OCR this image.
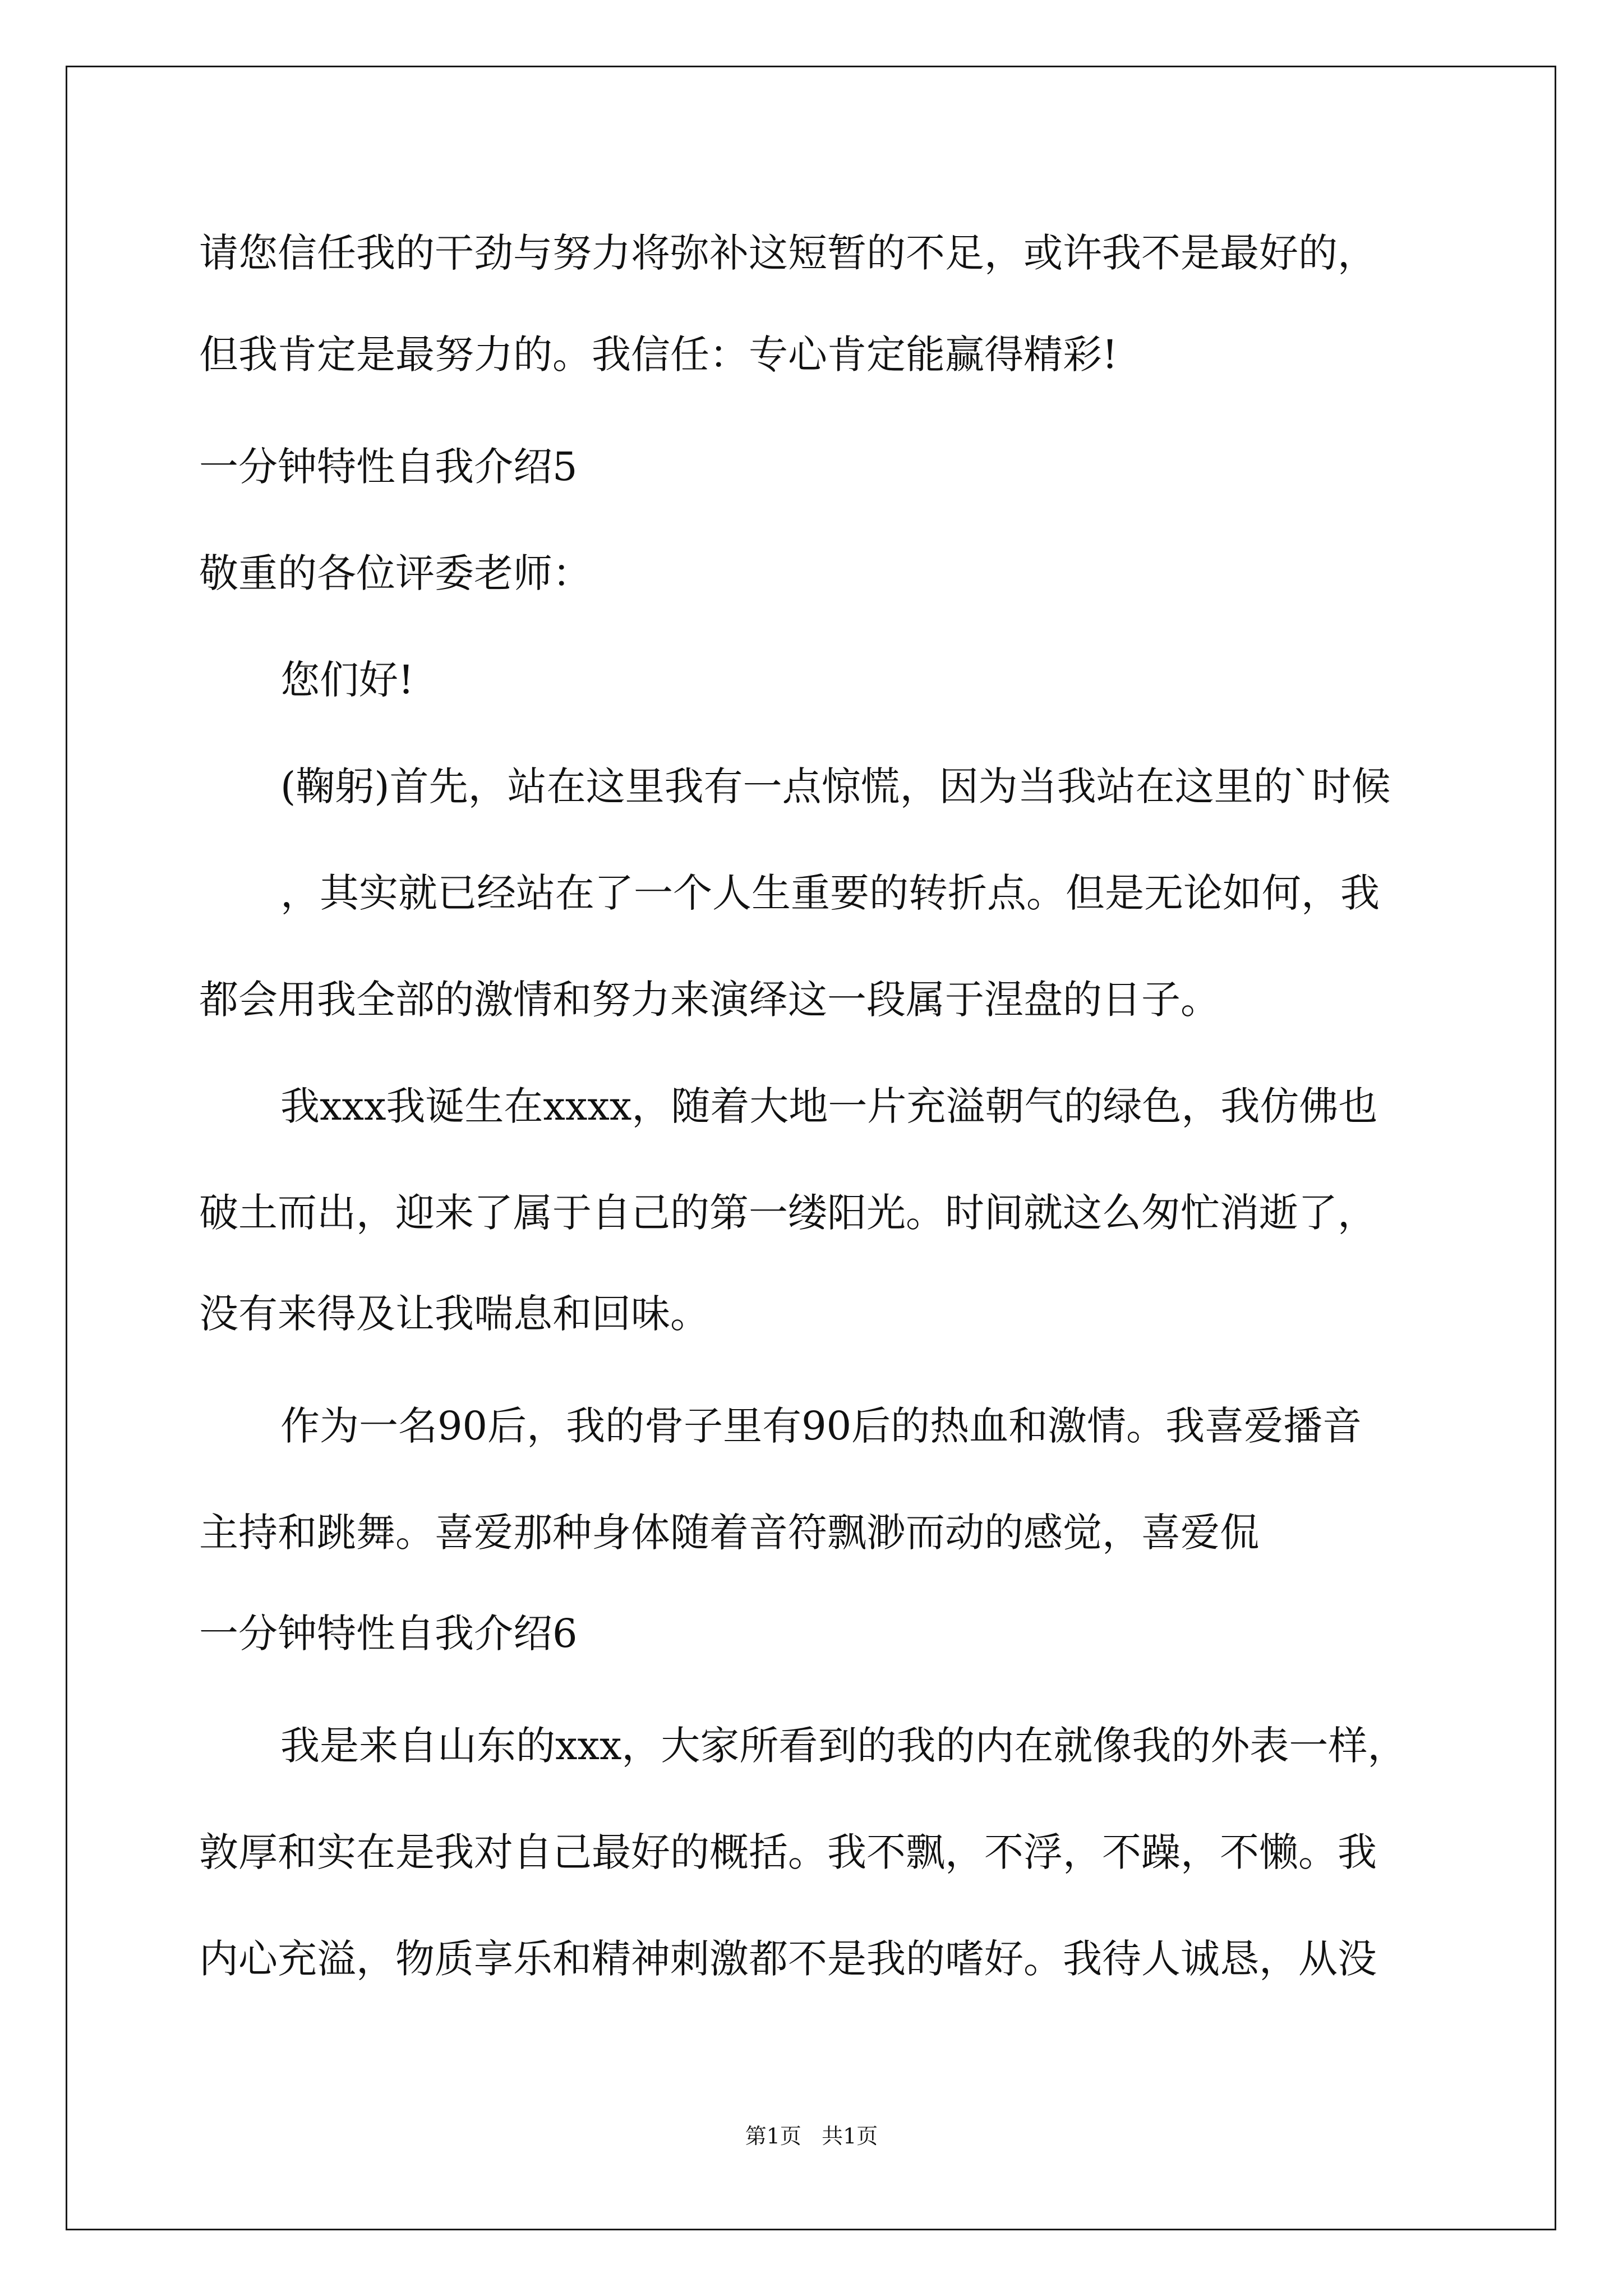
请您信任我的干劲与努力将弥补这短暂的不足，或许我不是最好的，
但我肯定是最努力的。我信任：专心肯定能赢得精彩!
一分钟特性自我介绍5
敬重的各位评委老师：
您们好!
(鞠躬)首先，站在这里我有一点惊慌，因为当我站在这里的`时候
，其实就已经站在了一个人生重要的转折点。但是无论如何，我
都会用我全部的激情和努力来演绎这一段属于涅盘的日子。
我xxx我诞生在xxxx，随着大地一片充溢朝气的绿色，我仿佛也
破土而出，迎来了属于自己的第一缕阳光。时间就这么匆忙消逝了，
没有来得及让我喘息和回味。
作为一名90后，我的骨子里有90后的热血和激情。我喜爱播音
主持和跳舞。喜爱那种身体随着音符飘渺而动的感觉，喜爱侃
一分钟特性自我介绍6
我是来自山东的xxx，大家所看到的我的内在就像我的外表一样，
敦厚和实在是我对自己最好的概括。我不飘，不浮，不躁，不懒。我
内心充溢，物质享乐和精神刺激都不是我的嗜好。我待人诚恳，从没
第1页   共1页
